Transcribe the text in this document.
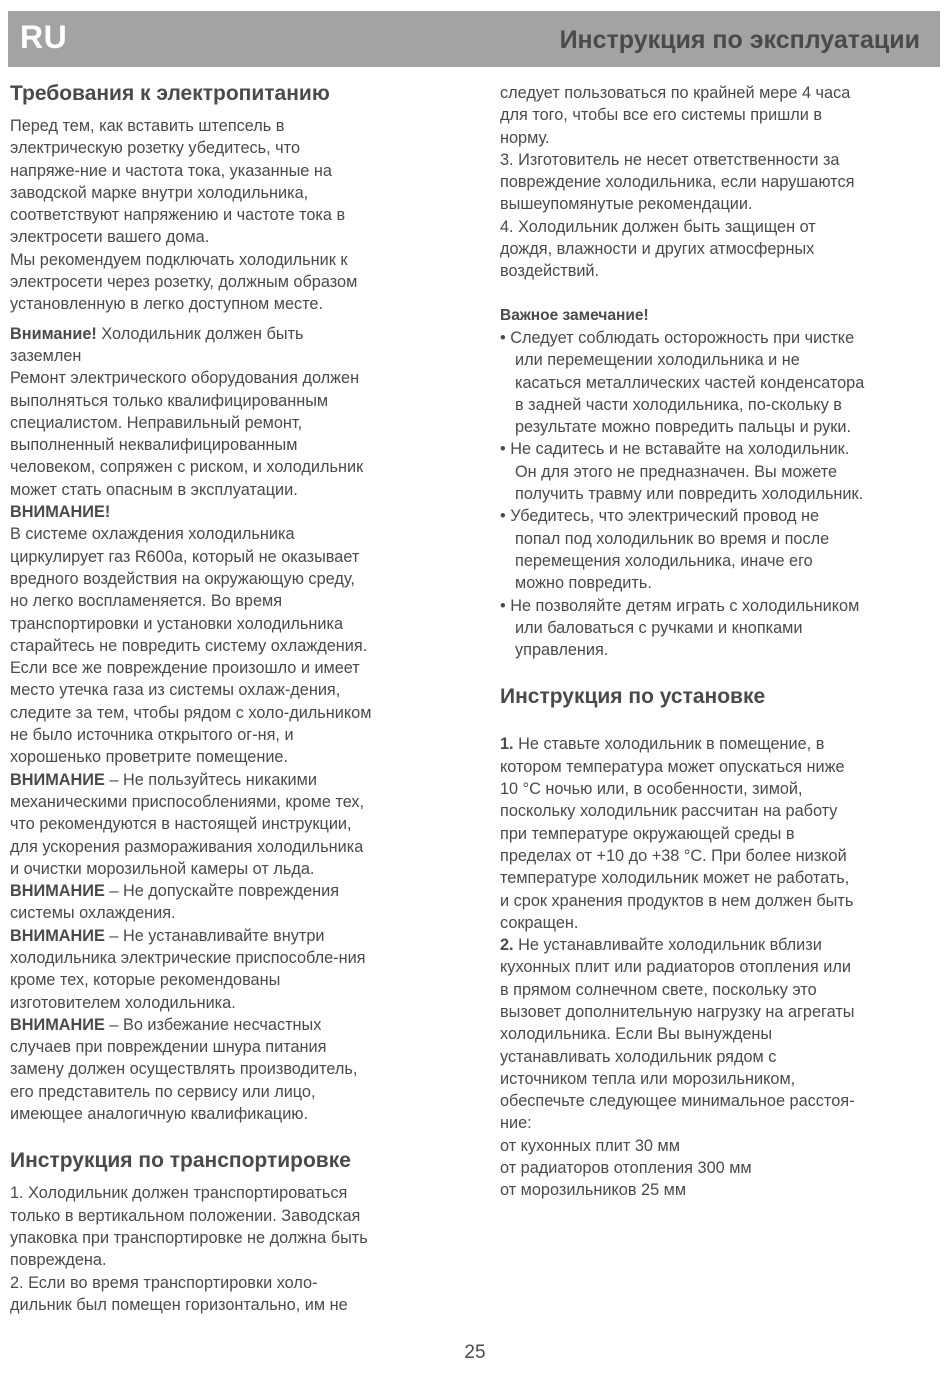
RU	Инструкция по эксплуатации
Требования к электропитанию
Перед тем, как вставить штепсель в
электрическую розетку убедитесь, что
напряже-ние и частота тока, указанные на
заводской марке внутри холодильника,
соответствуют напряжению и частоте тока в
электросети вашего дома.
Мы рекомендуем подключать холодильник к
электросети через розетку, должным образом
установленную в легко доступном месте.
Внимание! Холодильник должен быть
заземлен
Ремонт электрического оборудования должен
выполняться только квалифицированным
специалистом. Неправильный ремонт,
выполненный неквалифицированным
человеком, сопряжен с риском, и холодильник
может стать опасным в эксплуатации.
ВНИМАНИЕ!
В системе охлаждения холодильника
циркулирует газ R600a, который не оказывает
вредного воздействия на окружающую среду,
но легко воспламеняется. Во время
транспортировки и установки холодильника
старайтесь не повредить систему охлаждения.
Если все же повреждение произошло и имеет
место утечка газа из системы охлаж-дения,
следите за тем, чтобы рядом с холо-дильником
не было источника открытого ог-ня, и
хорошенько проветрите помещение.
ВНИМАНИЕ – Не пользуйтесь никакими
механическими приспособлениями, кроме тех,
что рекомендуются в настоящей инструкции,
для ускорения размораживания холодильника
и очистки морозильной камеры от льда.
ВНИМАНИЕ – Не допускайте повреждения
системы охлаждения.
ВНИМАНИЕ – Не устанавливайте внутри
холодильника электрические приспособле-ния
кроме тех, которые рекомендованы
изготовителем холодильника.
ВНИМАНИЕ – Во избежание несчастных
случаев при повреждении шнура питания
замену должен осуществлять производитель,
его представитель по сервису или лицо,
имеющее аналогичную квалификацию.
Инструкция по транспортировке
1. Холодильник должен транспортироваться
только в вертикальном положении. Заводская
упаковка при транспортировке не должна быть
повреждена.
2. Если во время транспортировки холо-
дильник был помещен горизонтально, им не
следует пользоваться по крайней мере 4 часа
для того, чтобы все его системы пришли в
норму.
3. Изготовитель не несет ответственности за
повреждение холодильника, если нарушаются
вышеупомянутые рекомендации.
4. Холодильник должен быть защищен от
дождя, влажности и других атмосферных
воздействий.
Важное замечание!
• Следует соблюдать осторожность при чистке
или перемещении холодильника и не
касаться металлических частей конденсатора
в задней части холодильника, по-скольку в
результате можно повредить пальцы и руки.
• Не садитесь и не вставайте на холодильник.
Он для этого не предназначен. Вы можете
получить травму или повредить холодильник.
• Убедитесь, что электрический провод не
попал под холодильник во время и после
перемещения холодильника, иначе его
можно повредить.
• Не позволяйте детям играть с холодильником
или баловаться с ручками и кнопками
управления.
Инструкция по установке
1. Не ставьте холодильник в помещение, в
котором температура может опускаться ниже
10 °С ночью или, в особенности, зимой,
поскольку холодильник рассчитан на работу
при температуре окружающей среды в
пределах от +10 до +38 °С. При более низкой
температуре холодильник может не работать,
и срок хранения продуктов в нем должен быть
сокращен.
2. Не устанавливайте холодильник вблизи
кухонных плит или радиаторов отопления или
в прямом солнечном свете, поскольку это
вызовет дополнительную нагрузку на агрегаты
холодильника. Если Вы вынуждены
устанавливать холодильник рядом с
источником тепла или морозильником,
обеспечьте следующее минимальное расстоя-
ние:
от кухонных плит 30 мм
от радиаторов отопления 300 мм
от морозильников 25 мм
25
